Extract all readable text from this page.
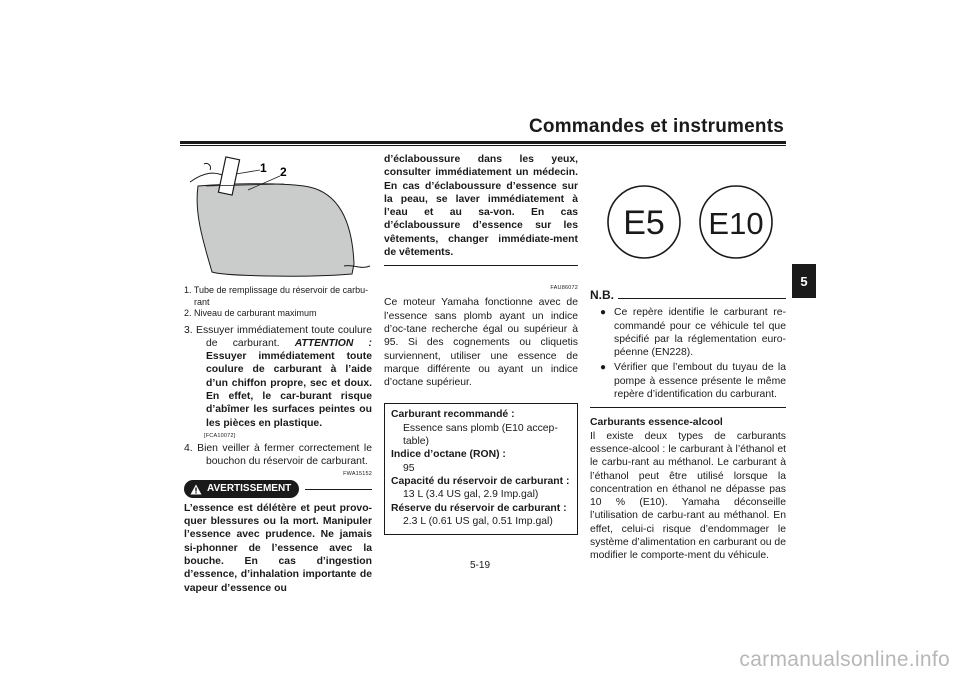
Commandes et instruments
5
1 2

1. Tube de remplissage du réservoir de carbu-rant

2. Niveau de carburant maximum

3. Essuyer immédiatement toute coulure de carburant. ATTENTION : Essuyer immédiatement toute coulure de carburant à l’aide d’un chiffon propre, sec et doux. En effet, le car-burant risque d’abîmer les surfaces peintes ou les pièces en plastique.

[FCA10072]

4. Bien veiller à fermer correctement le bouchon du réservoir de carburant.

FWA15152
AVERTISSEMENT

L’essence est délétère et peut provo-quer blessures ou la mort. Manipuler l’essence avec prudence. Ne jamais si-phonner de l’essence avec la bouche. En cas d’ingestion d’essence, d’inhalation importante de vapeur d’essence ou

d’éclaboussure dans les yeux, consulter immédiatement un médecin. En cas d’éclaboussure d’essence sur la peau, se laver immédiatement à l’eau et au sa-von. En cas d’éclaboussure d’essence sur les vêtements, changer immédiate-ment de vêtements.

FAU86072

Ce moteur Yamaha fonctionne avec de l’essence sans plomb ayant un indice d’oc-tane recherche égal ou supérieur à 95. Si des cognements ou cliquetis surviennent, utiliser une essence de marque différente ou ayant un indice d’octane supérieur.

Carburant recommandé :

Essence sans plomb (E10 accep-table)

Indice d’octane (RON) :

95

Capacité du réservoir de carburant :

13 L (3.4 US gal, 2.9 Imp.gal)

Réserve du réservoir de carburant :

2.3 L (0.61 US gal, 0.51 Imp.gal)

E5 E10
N.B.
● Ce repère identifie le carburant re-commandé pour ce véhicule tel que spécifié par la réglementation euro-péenne (EN228).
● Vérifier que l’embout du tuyau de la pompe à essence présente le même repère d’identification du carburant.

Carburants essence-alcool

Il existe deux types de carburants essence-alcool : le carburant à l’éthanol et le carbu-rant au méthanol. Le carburant à l’éthanol peut être utilisé lorsque la concentration en éthanol ne dépasse pas 10 % (E10). Yamaha déconseille l’utilisation de carbu-rant au méthanol. En effet, celui-ci risque d’endommager le système d’alimentation en carburant ou de modifier le comporte-ment du véhicule.

5-19
carmanualsonline.info
